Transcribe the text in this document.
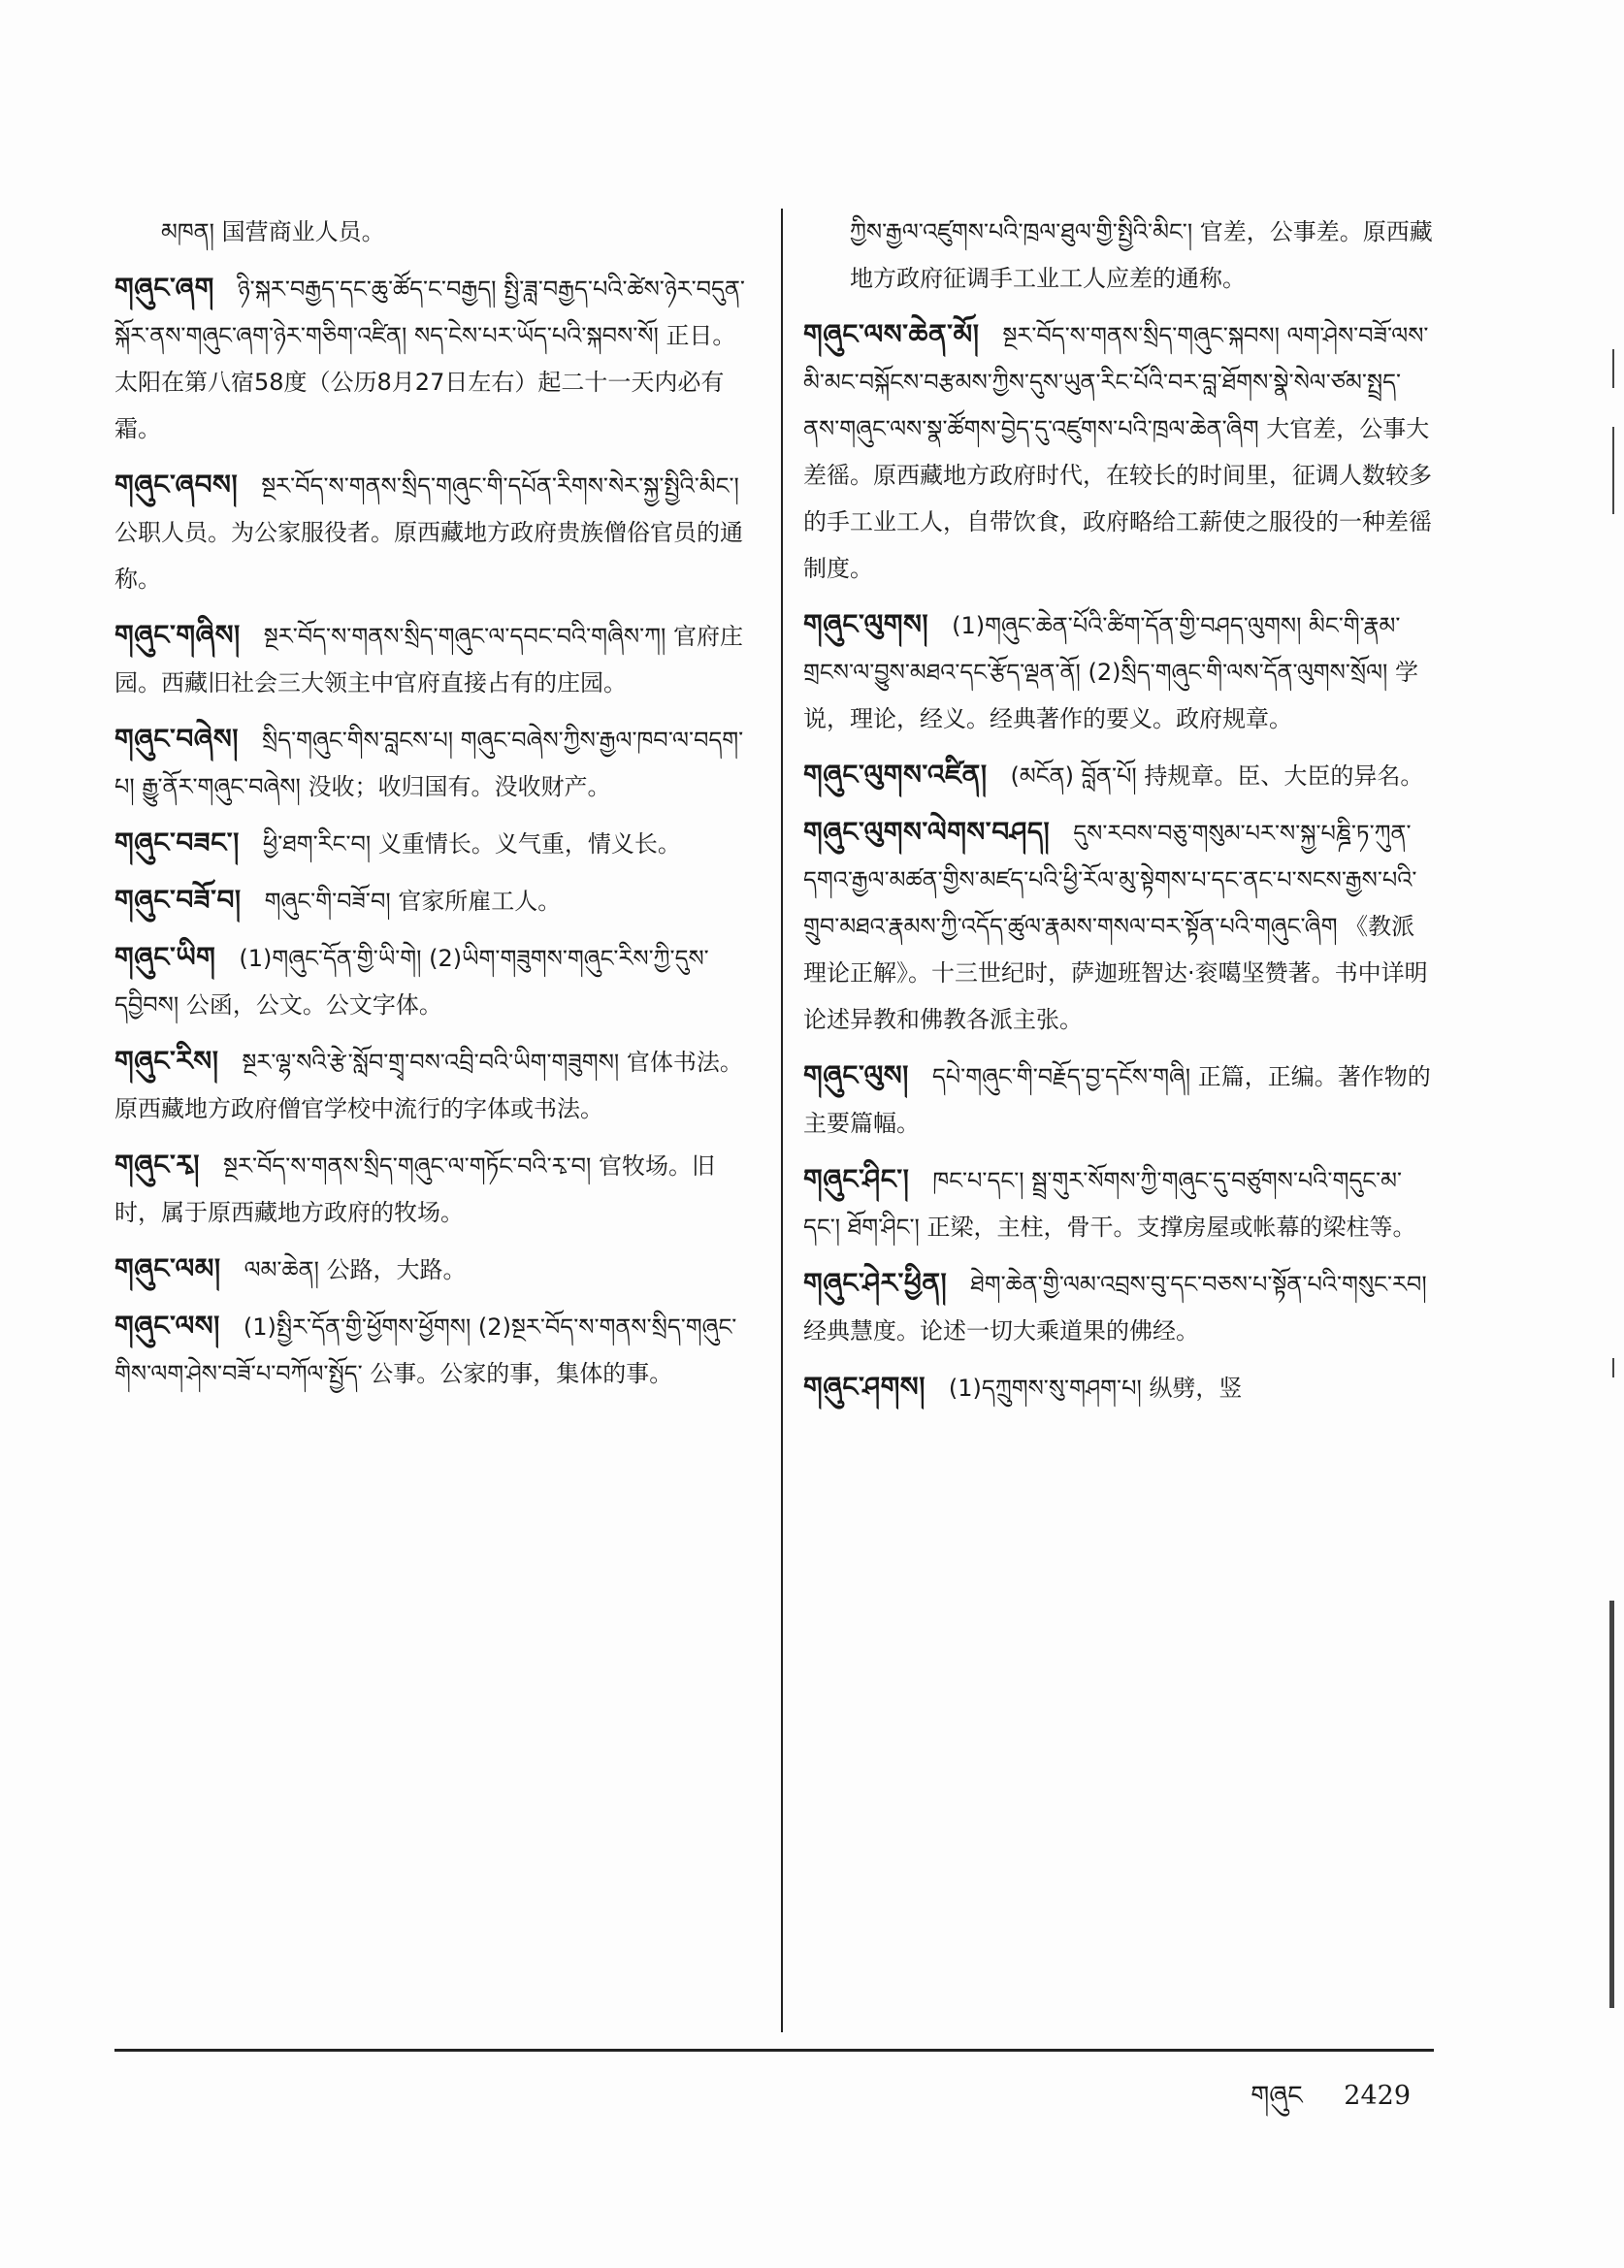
མཁན། 国营商业人员。
གཞུང་ཞག ཉི་སྐར་བརྒྱད་དང་ཆུ་ཚོད་ང་བརྒྱད། སྤྱི་ཟླ་བརྒྱད་པའི་ཚེས་ཉེར་བདུན་སྐོར་ནས་གཞུང་ཞག་ཉེར་གཅིག་འཛིན། སད་ངེས་པར་ཡོད་པའི་སྐབས་སོ། 正日。太阳在第八宿58度（公历8月27日左右）起二十一天内必有霜。
གཞུང་ཞབས། སྔར་བོད་ས་གནས་སྲིད་གཞུང་གི་དཔོན་རིགས་སེར་སྐྱ་སྤྱིའི་མིང་། 公职人员。为公家服役者。原西藏地方政府贵族僧俗官员的通称。
གཞུང་གཞིས། སྔར་བོད་ས་གནས་སྲིད་གཞུང་ལ་དབང་བའི་གཞིས་ཀ། 官府庄园。西藏旧社会三大领主中官府直接占有的庄园。
གཞུང་བཞེས། སྲིད་གཞུང་གིས་བླངས་པ། གཞུང་བཞེས་ཀྱིས་རྒྱལ་ཁབ་ལ་བདག་པ། རྒྱུ་ནོར་གཞུང་བཞེས། 没收；收归国有。没收财产。
གཞུང་བཟང་། ཕྱི་ཐག་རིང་བ། 义重情长。义气重，情义长。
གཞུང་བཟོ་བ། གཞུང་གི་བཟོ་བ། 官家所雇工人。
གཞུང་ཡིག (1)གཞུང་དོན་གྱི་ཡི་གེ། (2)ཡིག་གཟུགས་གཞུང་རིས་ཀྱི་དུས་དབྱིབས། 公函，公文。公文字体。
གཞུང་རིས། སྔར་ལྷ་སའི་རྩེ་སློབ་གྲྭ་བས་འབྲི་བའི་ཡིག་གཟུགས། 官体书法。原西藏地方政府僧官学校中流行的字体或书法。
གཞུང་རྭ། སྔར་བོད་ས་གནས་སྲིད་གཞུང་ལ་གཏོང་བའི་རྭ་བ། 官牧场。旧时，属于原西藏地方政府的牧场。
གཞུང་ལམ། ལམ་ཆེན། 公路，大路。
གཞུང་ལས། (1)སྤྱིར་དོན་གྱི་ཕྱོགས་ཕྱོགས། (2)སྔར་བོད་ས་གནས་སྲིད་གཞུང་གིས་ལག་ཤེས་བཟོ་པ་བཀོལ་སྤྱོད་ 公事。公家的事，集体的事。
ཀྱིས་རྒྱལ་འཛུགས་པའི་ཁྲལ་ཐུལ་གྱི་སྤྱིའི་མིང་། 官差，公事差。原西藏地方政府征调手工业工人应差的通称。
གཞུང་ལས་ཆེན་མོ། སྔར་བོད་ས་གནས་སྲིད་གཞུང་སྐབས། ལག་ཤེས་བཟོ་ལས་མི་མང་བསྐོངས་བརྩམས་ཀྱིས་དུས་ཡུན་རིང་པོའི་བར་བླ་ཐོགས་སྣེ་སེལ་ཙམ་སྤྲད་ནས་གཞུང་ལས་སྣ་ཚོགས་བྱེད་དུ་འཛུགས་པའི་ཁྲལ་ཆེན་ཞིག 大官差，公事大差徭。原西藏地方政府时代，在较长的时间里，征调人数较多的手工业工人，自带饮食，政府略给工薪使之服役的一种差徭制度。
གཞུང་ལུགས། (1)གཞུང་ཆེན་པོའི་ཚིག་དོན་གྱི་བཤད་ལུགས། མིང་གི་རྣམ་གྲངས་ལ་བྱུས་མཐའ་དང་རྩོད་ལྡན་ནོ། (2)སྲིད་གཞུང་གི་ལས་དོན་ལུགས་སྲོལ། 学说，理论，经义。经典著作的要义。政府规章。
གཞུང་ལུགས་འཛིན། (མངོན) བློན་པོ། 持规章。臣、大臣的异名。
གཞུང་ལུགས་ལེགས་བཤད། དུས་རབས་བཅུ་གསུམ་པར་ས་སྐྱ་པཎྜི་ཏ་ཀུན་དགའ་རྒྱལ་མཚན་གྱིས་མཛད་པའི་ཕྱི་རོལ་མུ་སྟེགས་པ་དང་ནང་པ་སངས་རྒྱས་པའི་གྲུབ་མཐའ་རྣམས་ཀྱི་འདོད་ཚུལ་རྣམས་གསལ་བར་སྟོན་པའི་གཞུང་ཞིག 《教派理论正解》。十三世纪时，萨迦班智达·衮噶坚赞著。书中详明论述异教和佛教各派主张。
གཞུང་ལུས། དཔེ་གཞུང་གི་བརྗོད་བྱ་དངོས་གཞི། 正篇，正编。著作物的主要篇幅。
གཞུང་ཤིང་། ཁང་པ་དང་། སྦྲ་གུར་སོགས་ཀྱི་གཞུང་དུ་བཙུགས་པའི་གདུང་མ་དང་། ཐོག་ཤིང་། 正梁，主柱，骨干。支撑房屋或帐幕的梁柱等。
གཞུང་ཤེར་ཕྱིན། ཐེག་ཆེན་གྱི་ལམ་འབྲས་བུ་དང་བཅས་པ་སྟོན་པའི་གསུང་རབ། 经典慧度。论述一切大乘道果的佛经。
གཞུང་ཤགས། (1)དཀྲུགས་སུ་གཤག་པ། 纵劈，竖
གཞུང 2429
